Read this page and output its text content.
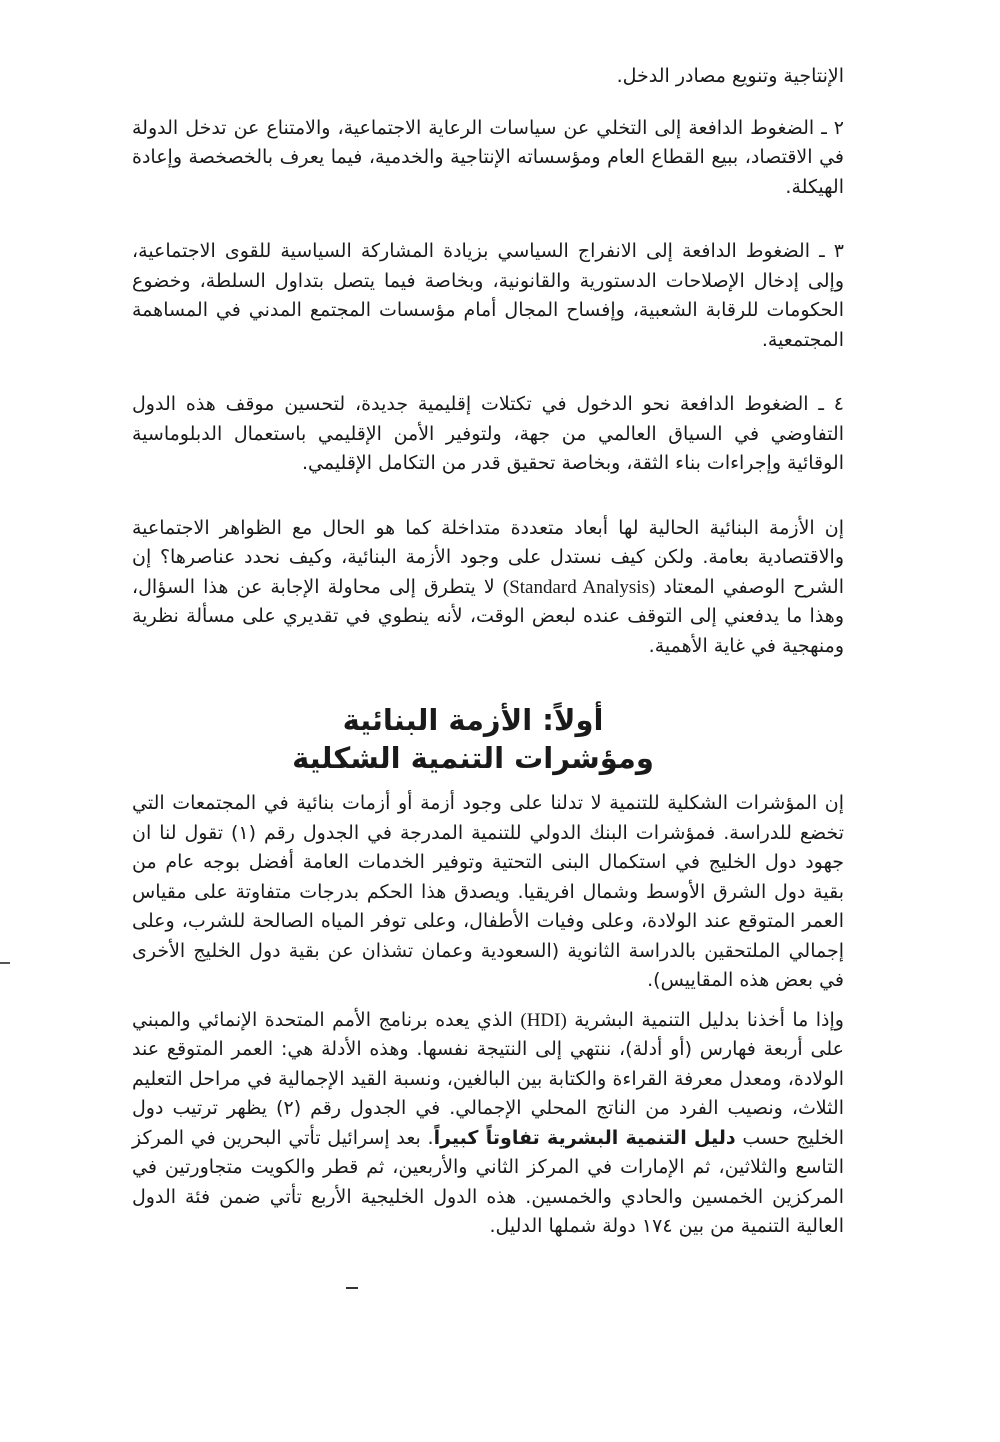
الإنتاجية وتنويع مصادر الدخل.

٢ ـ الضغوط الدافعة إلى التخلي عن سياسات الرعاية الاجتماعية، والامتناع عن تدخل الدولة في الاقتصاد، ببيع القطاع العام ومؤسساته الإنتاجية والخدمية، فيما يعرف بالخصخصة وإعادة الهيكلة.

٣ ـ الضغوط الدافعة إلى الانفراج السياسي بزيادة المشاركة السياسية للقوى الاجتماعية، وإلى إدخال الإصلاحات الدستورية والقانونية، وبخاصة فيما يتصل بتداول السلطة، وخضوع الحكومات للرقابة الشعبية، وإفساح المجال أمام مؤسسات المجتمع المدني في المساهمة المجتمعية.

٤ ـ الضغوط الدافعة نحو الدخول في تكتلات إقليمية جديدة، لتحسين موقف هذه الدول التفاوضي في السياق العالمي من جهة، ولتوفير الأمن الإقليمي باستعمال الدبلوماسية الوقائية وإجراءات بناء الثقة، وبخاصة تحقيق قدر من التكامل الإقليمي.

إن الأزمة البنائية الحالية لها أبعاد متعددة متداخلة كما هو الحال مع الظواهر الاجتماعية والاقتصادية بعامة. ولكن كيف نستدل على وجود الأزمة البنائية، وكيف نحدد عناصرها؟ إن الشرح الوصفي المعتاد (Standard Analysis) لا يتطرق إلى محاولة الإجابة عن هذا السؤال، وهذا ما يدفعني إلى التوقف عنده لبعض الوقت، لأنه ينطوي في تقديري على مسألة نظرية ومنهجية في غاية الأهمية.

أولاً: الأزمة البنائية
ومؤشرات التنمية الشكلية

إن المؤشرات الشكلية للتنمية لا تدلنا على وجود أزمة أو أزمات بنائية في المجتمعات التي تخضع للدراسة. فمؤشرات البنك الدولي للتنمية المدرجة في الجدول رقم (١) تقول لنا ان جهود دول الخليج في استكمال البنى التحتية وتوفير الخدمات العامة أفضل بوجه عام من بقية دول الشرق الأوسط وشمال افريقيا. ويصدق هذا الحكم بدرجات متفاوتة على مقياس العمر المتوقع عند الولادة، وعلى وفيات الأطفال، وعلى توفر المياه الصالحة للشرب، وعلى إجمالي الملتحقين بالدراسة الثانوية (السعودية وعمان تشذان عن بقية دول الخليج الأخرى في بعض هذه المقاييس).

وإذا ما أخذنا بدليل التنمية البشرية (HDI) الذي يعده برنامج الأمم المتحدة الإنمائي والمبني على أربعة فهارس (أو أدلة)، ننتهي إلى النتيجة نفسها. وهذه الأدلة هي: العمر المتوقع عند الولادة، ومعدل معرفة القراءة والكتابة بين البالغين، ونسبة القيد الإجمالية في مراحل التعليم الثلاث، ونصيب الفرد من الناتج المحلي الإجمالي. في الجدول رقم (٢) يظهر ترتيب دول الخليج حسب دليل التنمية البشرية تفاوتاً كبيراً. بعد إسرائيل تأتي البحرين في المركز التاسع والثلاثين، ثم الإمارات في المركز الثاني والأربعين، ثم قطر والكويت متجاورتين في المركزين الخمسين والحادي والخمسين. هذه الدول الخليجية الأربع تأتي ضمن فئة الدول العالية التنمية من بين ١٧٤ دولة شملها الدليل.
